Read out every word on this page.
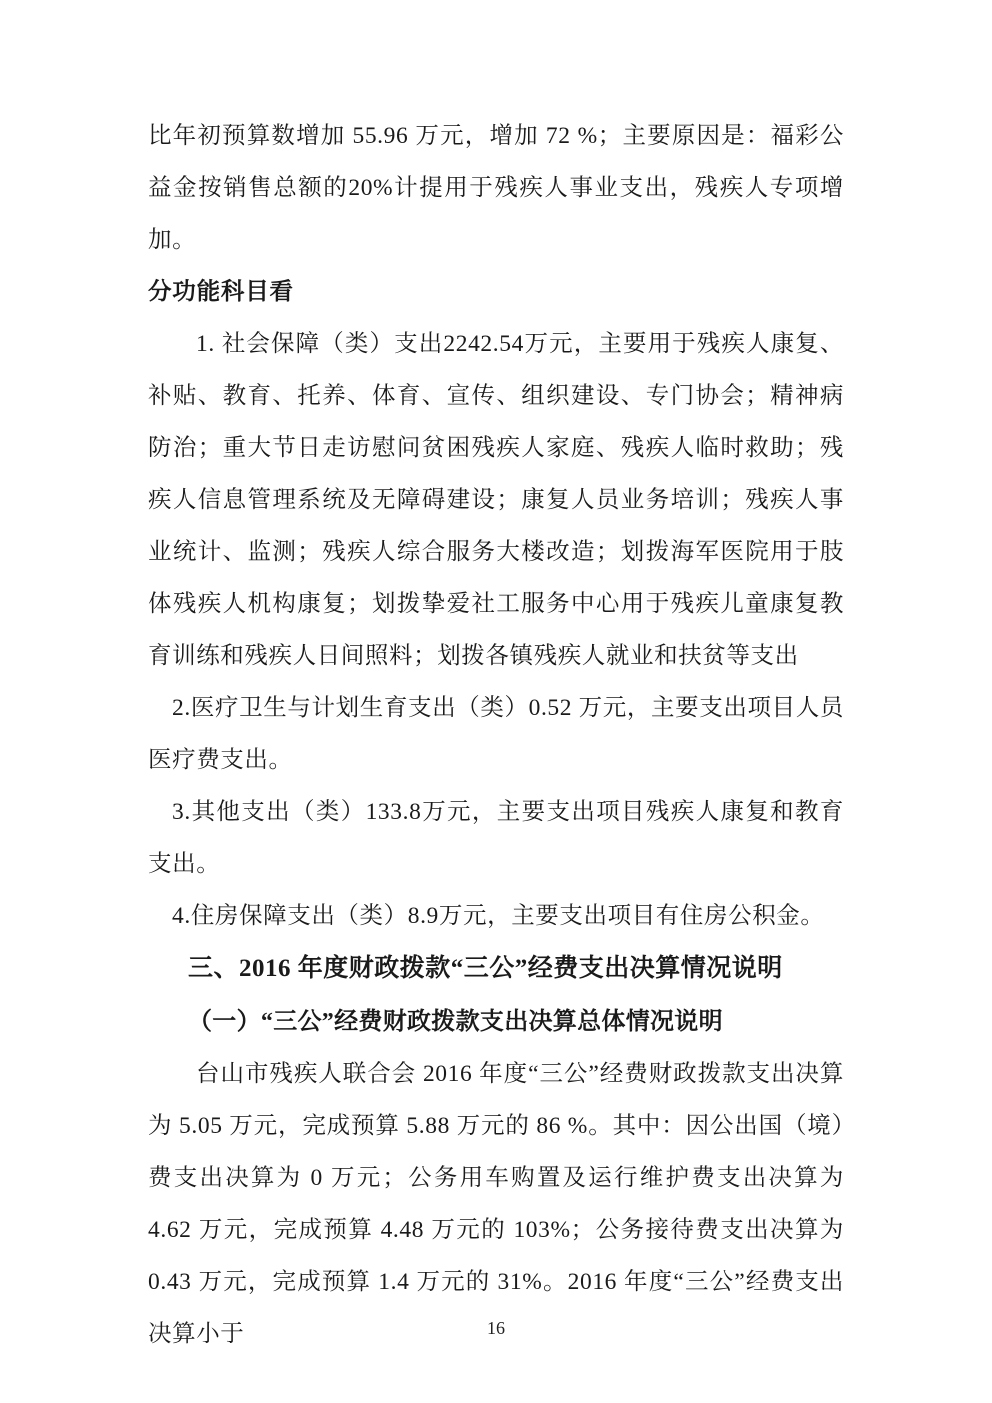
比年初预算数增加 55.96 万元，增加 72 %；主要原因是：福彩公益金按销售总额的20%计提用于残疾人事业支出，残疾人专项增加。

分功能科目看

1. 社会保障（类）支出2242.54万元，主要用于残疾人康复、补贴、教育、托养、体育、宣传、组织建设、专门协会；精神病防治；重大节日走访慰问贫困残疾人家庭、残疾人临时救助；残疾人信息管理系统及无障碍建设；康复人员业务培训；残疾人事业统计、监测；残疾人综合服务大楼改造；划拨海军医院用于肢体残疾人机构康复；划拨挚爱社工服务中心用于残疾儿童康复教育训练和残疾人日间照料；划拨各镇残疾人就业和扶贫等支出

2.医疗卫生与计划生育支出（类）0.52 万元，主要支出项目人员医疗费支出。

3.其他支出（类）133.8万元，主要支出项目残疾人康复和教育支出。

4.住房保障支出（类）8.9万元，主要支出项目有住房公积金。

三、2016 年度财政拨款“三公”经费支出决算情况说明

（一）“三公”经费财政拨款支出决算总体情况说明

台山市残疾人联合会 2016 年度“三公”经费财政拨款支出决算为 5.05 万元，完成预算 5.88 万元的 86 %。其中：因公出国（境）费支出决算为 0 万元；公务用车购置及运行维护费支出决算为 4.62 万元，完成预算 4.48 万元的 103%；公务接待费支出决算为 0.43 万元，完成预算 1.4 万元的 31%。2016 年度“三公”经费支出决算小于	16
